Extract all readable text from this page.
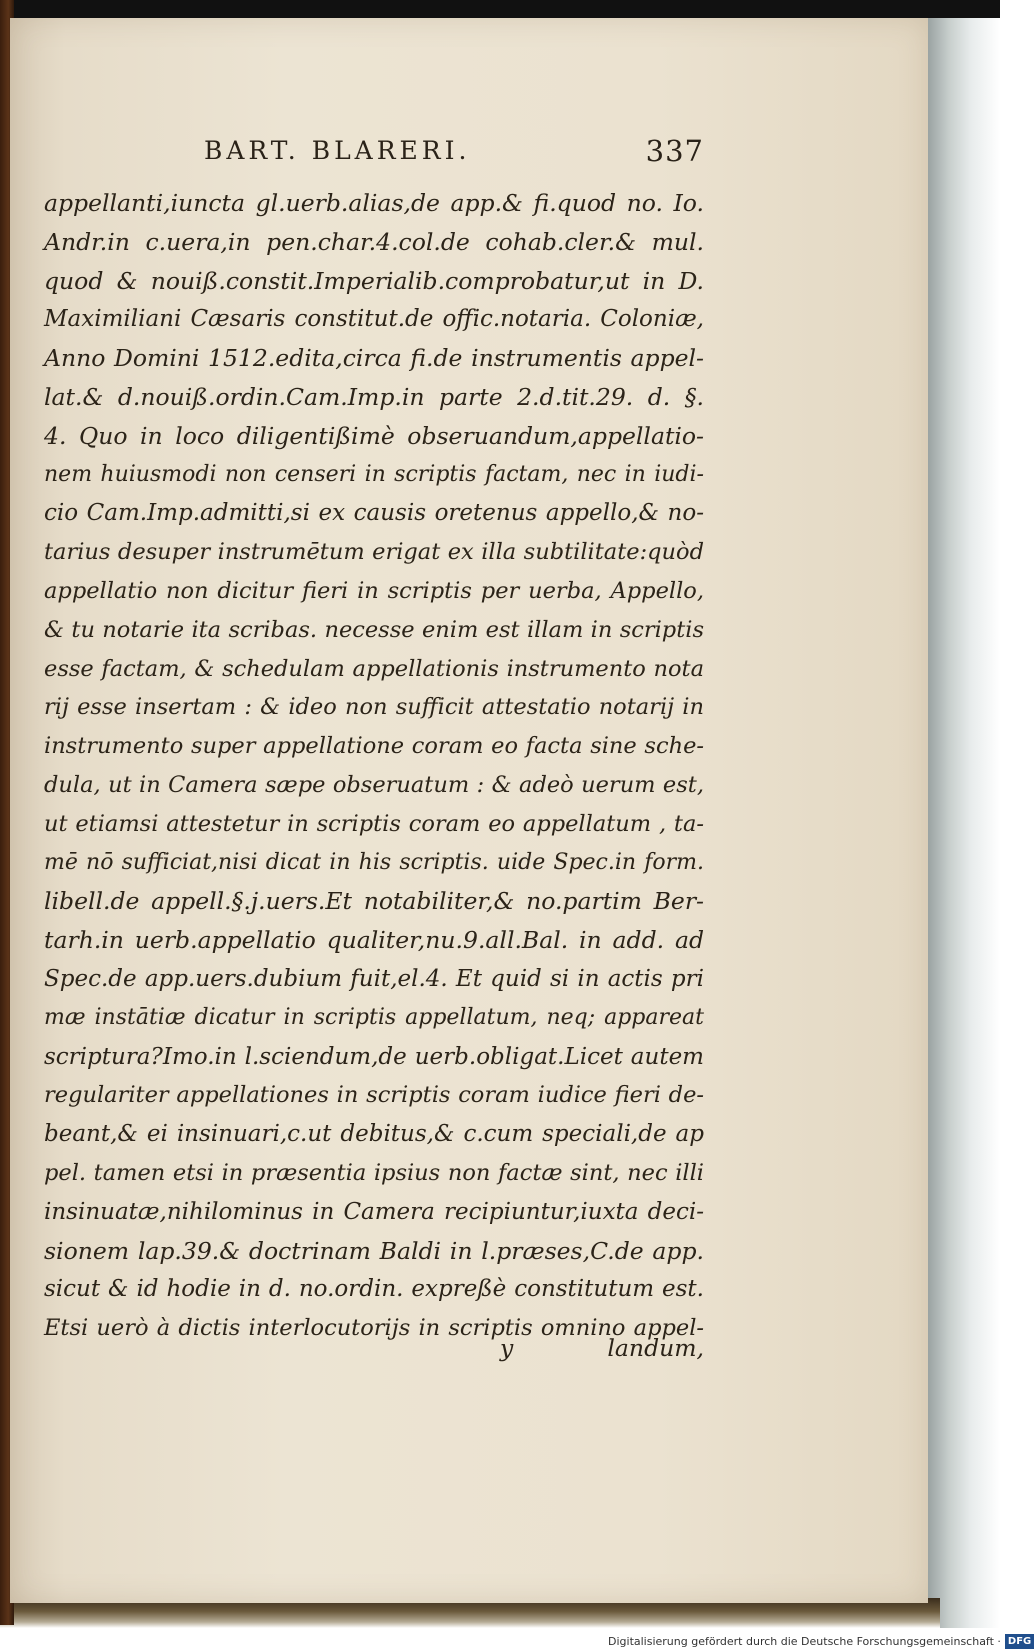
BART. BLARERI.	337
appellanti,iuncta gl.uerb.alias,de app.& fi.quod no. Io.
Andr.in c.uera,in pen.char.4.col.de cohab.cler.& mul.
quod & nouiß.constit.Imperialib.comprobatur,ut in D.
Maximiliani Cæsaris constitut.de offic.notaria. Coloniæ,
Anno Domini 1512.edita,circa fi.de instrumentis appel-
lat.& d.nouiß.ordin.Cam.Imp.in parte 2.d.tit.29. d. §.
4. Quo in loco diligentißimè obseruandum,appellatio-
nem huiusmodi non censeri in scriptis factam, nec in iudi-
cio Cam.Imp.admitti,si ex causis oretenus appello,& no-
tarius desuper instrumētum erigat ex illa subtilitate:quòd
appellatio non dicitur fieri in scriptis per uerba, Appello,
& tu notarie ita scribas. necesse enim est illam in scriptis
esse factam, & schedulam appellationis instrumento nota
rij esse insertam : & ideo non sufficit attestatio notarij in
instrumento super appellatione coram eo facta sine sche-
dula, ut in Camera sæpe obseruatum : & adeò uerum est,
ut etiamsi attestetur in scriptis coram eo appellatum , ta-
mē nō sufficiat,nisi dicat in his scriptis. uide Spec.in form.
libell.de appell.§.j.uers.Et notabiliter,& no.partim Ber-
tarh.in uerb.appellatio qualiter,nu.9.all.Bal. in add. ad
Spec.de app.uers.dubium fuit,el.4. Et quid si in actis pri
mæ instātiæ dicatur in scriptis appellatum, neq; appareat
scriptura?Imo.in l.sciendum,de uerb.obligat.Licet autem
regulariter appellationes in scriptis coram iudice fieri de-
beant,& ei insinuari,c.ut debitus,& c.cum speciali,de ap
pel. tamen etsi in præsentia ipsius non factæ sint, nec illi
insinuatæ,nihilominus in Camera recipiuntur,iuxta deci-
sionem lap.39.& doctrinam Baldi in l.præses,C.de app.
sicut & id hodie in d. no.ordin. expreßè constitutum est.
Etsi uerò à dictis interlocutorijs in scriptis omnino appel-
y	landum,
Digitalisierung gefördert durch die Deutsche Forschungsgemeinschaft · DFG
